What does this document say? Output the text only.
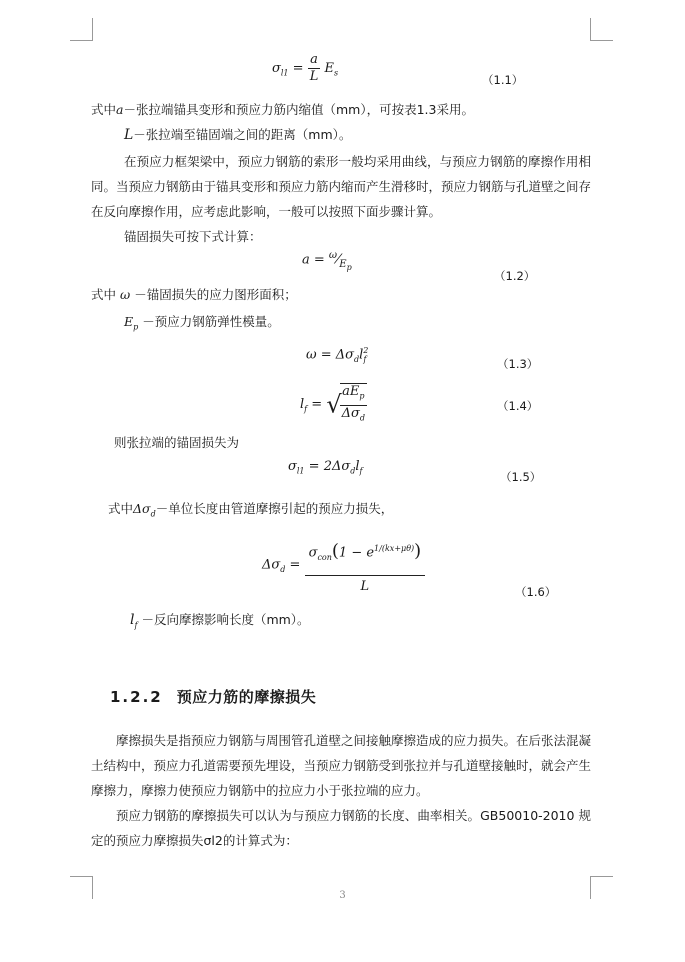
$\sigma_{l1} = \frac{a}{L} E_s$	（1.1）
式中a－张拉端锚具变形和预应力筋内缩值（mm），可按表1.3采用。
L－张拉端至锚固端之间的距离（mm）。
在预应力框架梁中，预应力钢筋的索形一般均采用曲线，与预应力钢筋的摩擦作用相同。当预应力钢筋由于锚具变形和预应力筋内缩而产生滑移时，预应力钢筋与孔道壁之间存在反向摩擦作用，应考虑此影响，一般可以按照下面步骤计算。
锚固损失可按下式计算：
$a = ^\omega⁄_{E_p}$
（1.2）
式中 ω －锚固损失的应力图形面积；
$E_p$ －预应力钢筋弹性模量。
$\omega = \Delta\sigma_dl_f^2$
（1.3）
$l_f$ = √
$\frac{aE_p}{\Delta\sigma_d}$	（1.4）
则张拉端的锚固损失为
$\sigma_{l1} = 2\Delta\sigma_dl_f$	（1.5）
式中$\Delta\sigma_d-$单位长度由管道摩擦引起的预应力损失，
$\Delta\sigma_d = \frac{\sigma_{con}(1 - e^{1/(kx+\mu\theta)})}{L}$	（1.6）
$l_f$ －反向摩擦影响长度（mm）。
1.2.2 预应力筋的摩擦损失
摩擦损失是指预应力钢筋与周围管孔道壁之间接触摩擦造成的应力损失。在后张法混凝土结构中，预应力孔道需要预先埋设，当预应力钢筋受到张拉并与孔道壁接触时，就会产生摩擦力，摩擦力使预应力钢筋中的拉应力小于张拉端的应力。
预应力钢筋的摩擦损失可以认为与预应力钢筋的长度、曲率相关。GB50010-2010 规定的预应力摩擦损失σl2的计算式为：
3
